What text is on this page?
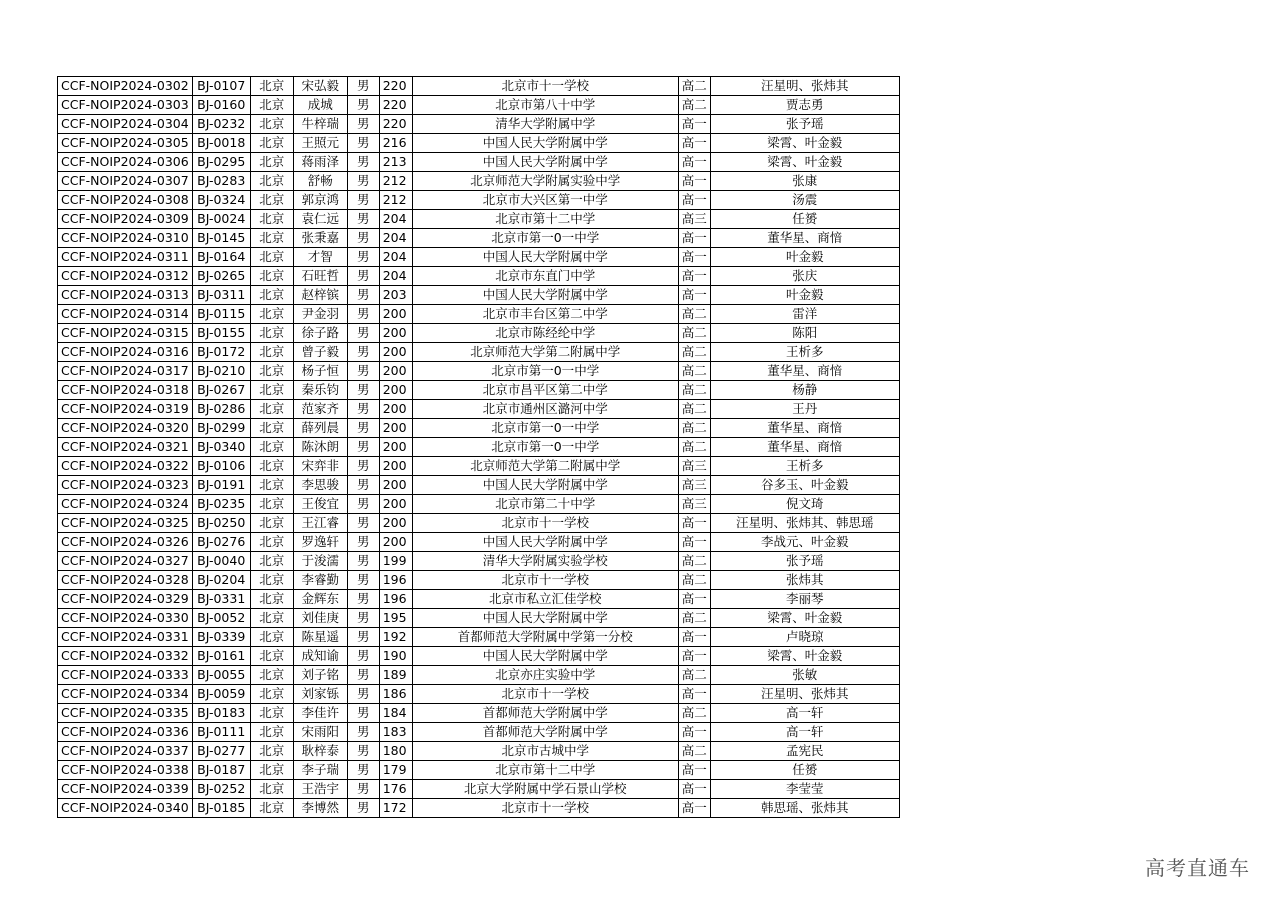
CCF-NOIP2024-0302	BJ-0107	北京	宋弘毅	男	220	北京市十一学校	高二	汪星明、张炜其
CCF-NOIP2024-0303	BJ-0160	北京	成城	男	220	北京市第八十中学	高二	贾志勇
CCF-NOIP2024-0304	BJ-0232	北京	牛梓瑞	男	220	清华大学附属中学	高一	张予瑶
CCF-NOIP2024-0305	BJ-0018	北京	王照元	男	216	中国人民大学附属中学	高一	梁霄、叶金毅
CCF-NOIP2024-0306	BJ-0295	北京	蒋雨泽	男	213	中国人民大学附属中学	高一	梁霄、叶金毅
CCF-NOIP2024-0307	BJ-0283	北京	舒畅	男	212	北京师范大学附属实验中学	高一	张康
CCF-NOIP2024-0308	BJ-0324	北京	郭京鸿	男	212	北京市大兴区第一中学	高一	汤震
CCF-NOIP2024-0309	BJ-0024	北京	袁仁远	男	204	北京市第十二中学	高三	任赟
CCF-NOIP2024-0310	BJ-0145	北京	张秉嘉	男	204	北京市第一0一中学	高一	董华星、商愔
CCF-NOIP2024-0311	BJ-0164	北京	才智	男	204	中国人民大学附属中学	高一	叶金毅
CCF-NOIP2024-0312	BJ-0265	北京	石旺哲	男	204	北京市东直门中学	高一	张庆
CCF-NOIP2024-0313	BJ-0311	北京	赵梓镔	男	203	中国人民大学附属中学	高一	叶金毅
CCF-NOIP2024-0314	BJ-0115	北京	尹金羽	男	200	北京市丰台区第二中学	高二	雷洋
CCF-NOIP2024-0315	BJ-0155	北京	徐子路	男	200	北京市陈经纶中学	高二	陈阳
CCF-NOIP2024-0316	BJ-0172	北京	曾子毅	男	200	北京师范大学第二附属中学	高二	王析多
CCF-NOIP2024-0317	BJ-0210	北京	杨子恒	男	200	北京市第一0一中学	高二	董华星、商愔
CCF-NOIP2024-0318	BJ-0267	北京	秦乐钧	男	200	北京市昌平区第二中学	高二	杨静
CCF-NOIP2024-0319	BJ-0286	北京	范家齐	男	200	北京市通州区潞河中学	高二	王丹
CCF-NOIP2024-0320	BJ-0299	北京	薛列晨	男	200	北京市第一0一中学	高二	董华星、商愔
CCF-NOIP2024-0321	BJ-0340	北京	陈沐朗	男	200	北京市第一0一中学	高二	董华星、商愔
CCF-NOIP2024-0322	BJ-0106	北京	宋弈非	男	200	北京师范大学第二附属中学	高三	王析多
CCF-NOIP2024-0323	BJ-0191	北京	李思骏	男	200	中国人民大学附属中学	高三	谷多玉、叶金毅
CCF-NOIP2024-0324	BJ-0235	北京	王俊宜	男	200	北京市第二十中学	高三	倪文琦
CCF-NOIP2024-0325	BJ-0250	北京	王江睿	男	200	北京市十一学校	高一	汪星明、张炜其、韩思瑶
CCF-NOIP2024-0326	BJ-0276	北京	罗逸轩	男	200	中国人民大学附属中学	高一	李战元、叶金毅
CCF-NOIP2024-0327	BJ-0040	北京	于浚濡	男	199	清华大学附属实验学校	高二	张予瑶
CCF-NOIP2024-0328	BJ-0204	北京	李睿勤	男	196	北京市十一学校	高二	张炜其
CCF-NOIP2024-0329	BJ-0331	北京	金辉东	男	196	北京市私立汇佳学校	高一	李丽琴
CCF-NOIP2024-0330	BJ-0052	北京	刘佳庚	男	195	中国人民大学附属中学	高二	梁霄、叶金毅
CCF-NOIP2024-0331	BJ-0339	北京	陈星遥	男	192	首都师范大学附属中学第一分校	高一	卢晓琼
CCF-NOIP2024-0332	BJ-0161	北京	成知谕	男	190	中国人民大学附属中学	高一	梁霄、叶金毅
CCF-NOIP2024-0333	BJ-0055	北京	刘子铭	男	189	北京亦庄实验中学	高二	张敏
CCF-NOIP2024-0334	BJ-0059	北京	刘家铄	男	186	北京市十一学校	高一	汪星明、张炜其
CCF-NOIP2024-0335	BJ-0183	北京	李佳许	男	184	首都师范大学附属中学	高二	高一轩
CCF-NOIP2024-0336	BJ-0111	北京	宋雨阳	男	183	首都师范大学附属中学	高一	高一轩
CCF-NOIP2024-0337	BJ-0277	北京	耿梓泰	男	180	北京市古城中学	高二	孟宪民
CCF-NOIP2024-0338	BJ-0187	北京	李子瑞	男	179	北京市第十二中学	高一	任赟
CCF-NOIP2024-0339	BJ-0252	北京	王浩宇	男	176	北京大学附属中学石景山学校	高一	李莹莹
CCF-NOIP2024-0340	BJ-0185	北京	李博然	男	172	北京市十一学校	高一	韩思瑶、张炜其
高考直通车
